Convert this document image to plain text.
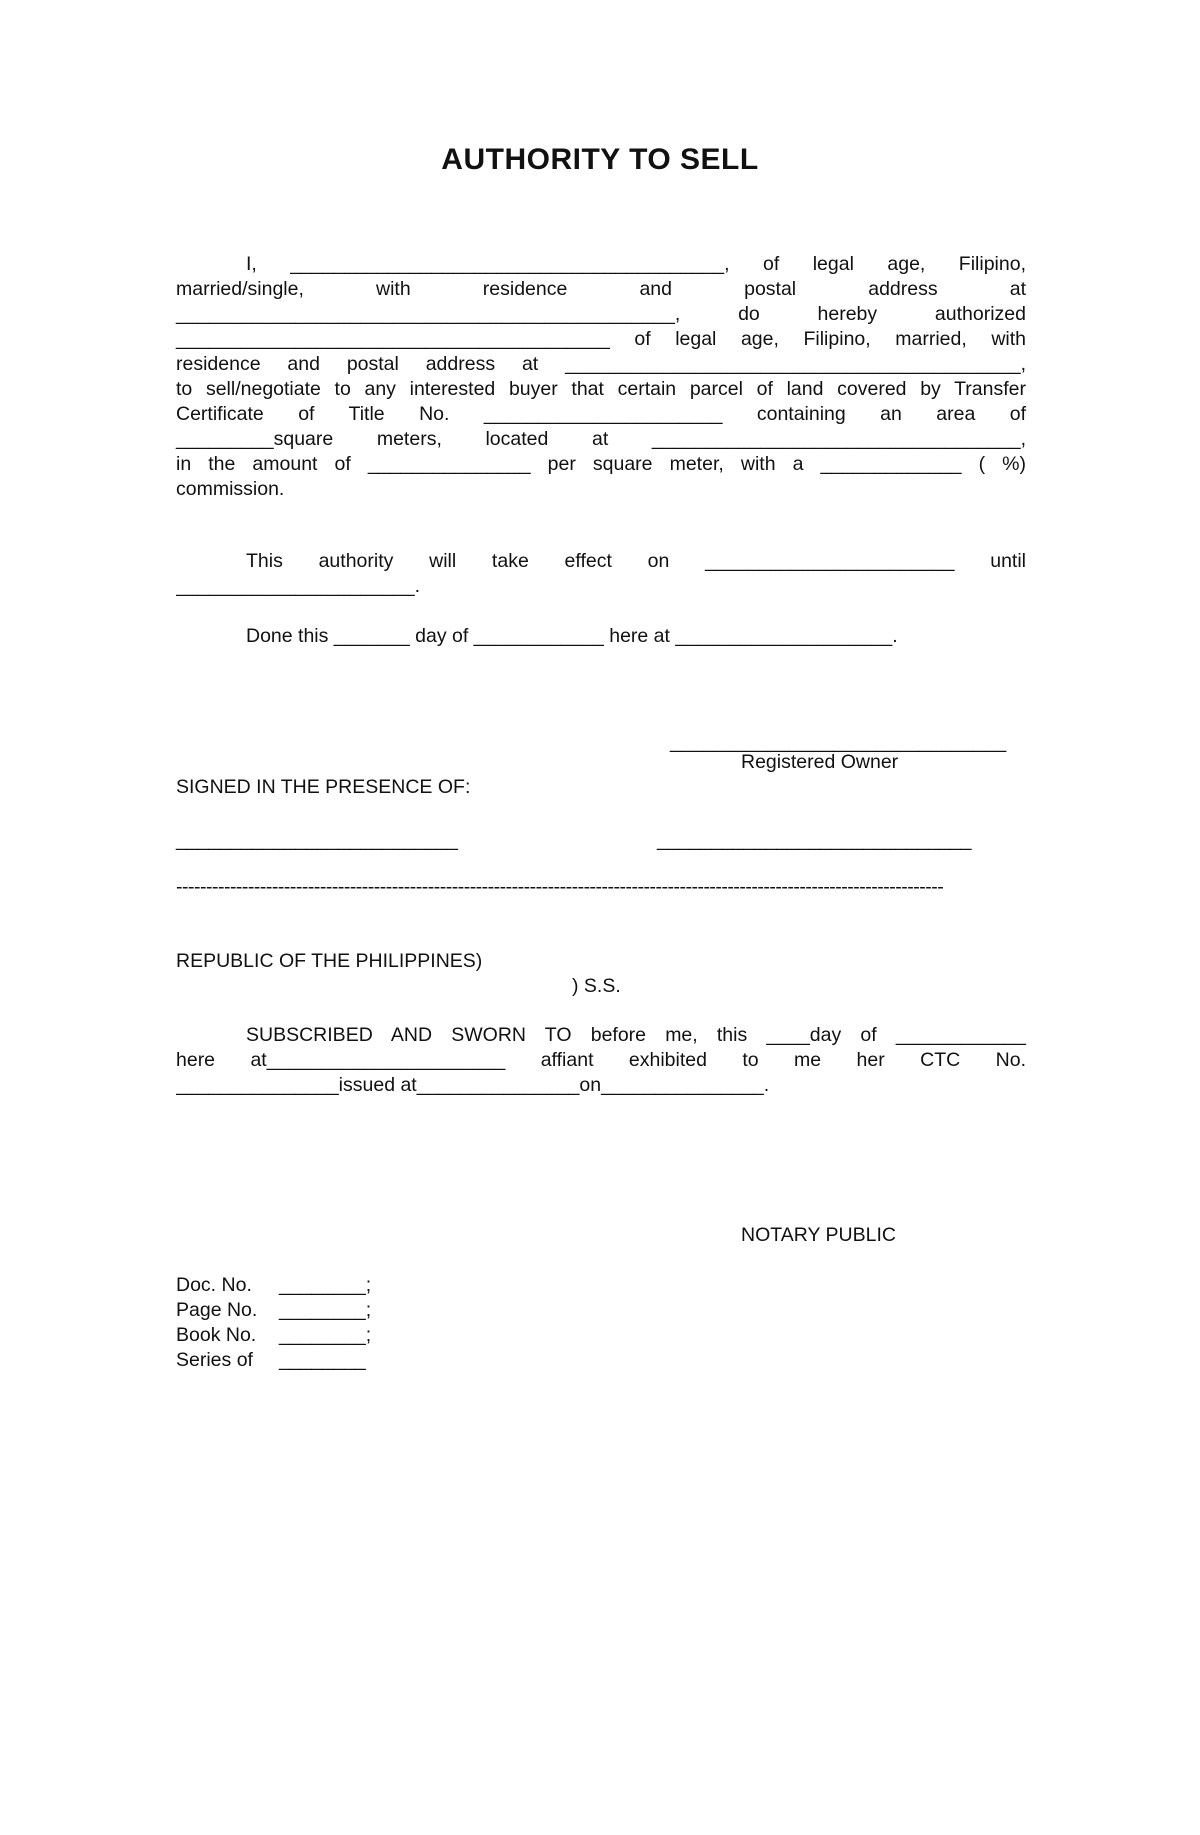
AUTHORITY TO SELL
I, ________________________________________, of legal age, Filipino,
married/single, with residence and postal address at
______________________________________________, do hereby authorized
________________________________________ of legal age, Filipino, married, with
residence and postal address at __________________________________________,
to sell/negotiate to any interested buyer that certain parcel of land covered by Transfer
Certificate of Title No. ______________________ containing an area of
_________square meters, located at __________________________________,
in the amount of _______________ per square meter, with a _____________ ( %)
commission.
This authority will take effect on _______________________ until
______________________.
Done this _______ day of ____________ here at ____________________.
_______________________________
Registered Owner
SIGNED IN THE PRESENCE OF:
__________________________	_____________________________
--------------------------------------------------------------------------------------------------------------------------------
REPUBLIC OF THE PHILIPPINES)
) S.S.
SUBSCRIBED AND SWORN TO before me, this ____day of ____________
here at______________________ affiant exhibited to me her CTC No.
_______________issued at_______________on_______________.
NOTARY PUBLIC
Doc. No.	________;
Page No.	________;
Book No.	________;
Series of	________
